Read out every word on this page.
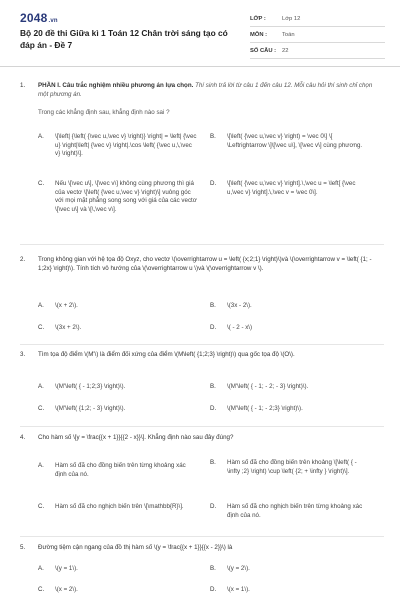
2048.vn
Bộ 20 đề thi Giữa kì 1 Toán 12 Chân trời sáng tạo có đáp án - Đề 7
LỚP :	Lớp 12
MÔN :	Toán
SỐ CÂU :	22
1. PHẦN I. Câu trắc nghiệm nhiều phương án lựa chọn. Thí sinh trả lời từ câu 1 đến câu 12. Mỗi câu hỏi thí sinh chỉ chọn một phương án.
Trong các khẳng định sau, khẳng định nào sai ?
A.	\[\left| {\left( {\vec u,\vec v} \right)} \right| = \left| {\vec u} \right|\left| {\vec v} \right|.\cos \left( {\vec u,\,\vec v} \right)\].
B.	\[\left( {\vec u,\vec v} \right) = \vec 0\] \[ \Leftrightarrow \]\[\vec u\], \[\vec v\] cùng phương.
C.	Nếu \[\vec u\], \[\vec v\] không cùng phương thì giá của vectơ \[\left( {\vec u,\vec v} \right)\] vuông góc với mọi mặt phẳng song song với giá của các vectơ \[\vec u\] và \[\,\vec v\].
D.	\[\left( {\vec u,\vec v} \right].\,\vec u = \left[ {\vec u,\vec v} \right].\,\vec v = \vec 0\].
2. Trong không gian với hệ tọa độ Oxyz, cho vectơ \(\overrightarrow u = \left( {x;2;1} \right)\)và \(\overrightarrow v = \left( {1; - 1;2x} \right)\). Tính tích vô hướng của \(\overrightarrow u \)và \(\overrightarrow v \).
A.	\(x + 2\).	B.	\(3x - 2\).
C.	\(3x + 2\).	D.	\( - 2 - x\)
3. Tìm tọa độ điểm \(M'\) là điểm đối xứng của điểm \(M\left( {1;2;3} \right)\) qua gốc tọa độ \(O\).
A.	\(M'\left( { - 1;2;3} \right)\).	B.	\(M'\left( { - 1; - 2; - 3} \right)\).
C.	\(M'\left( {1;2; - 3} \right)\).	D.	\(M'\left( { - 1; - 2;3} \right)\).
4. Cho hàm số \[y = \frac{{x + 1}}{{2 - x}}\]. Khẳng định nào sau đây đúng?
A.	Hàm số đã cho đồng biến trên từng khoảng xác định của nó.
B.	Hàm số đã cho đồng biến trên khoảng \[\left( { - \infty ;2} \right) \cup \left( {2; + \infty } \right)\].
C.	Hàm số đã cho nghịch biến trên \[\mathbb{R}\].	D.	Hàm số đã cho nghịch biến trên từng khoảng xác định của nó.
5. Đường tiệm cận ngang của đồ thị hàm số \(y = \frac{{x + 1}}{{x - 2}}\) là
A.	\(y = 1\).	B.	\(y = 2\).
C.	\(x = 2\).	D.	\(x = 1\).
